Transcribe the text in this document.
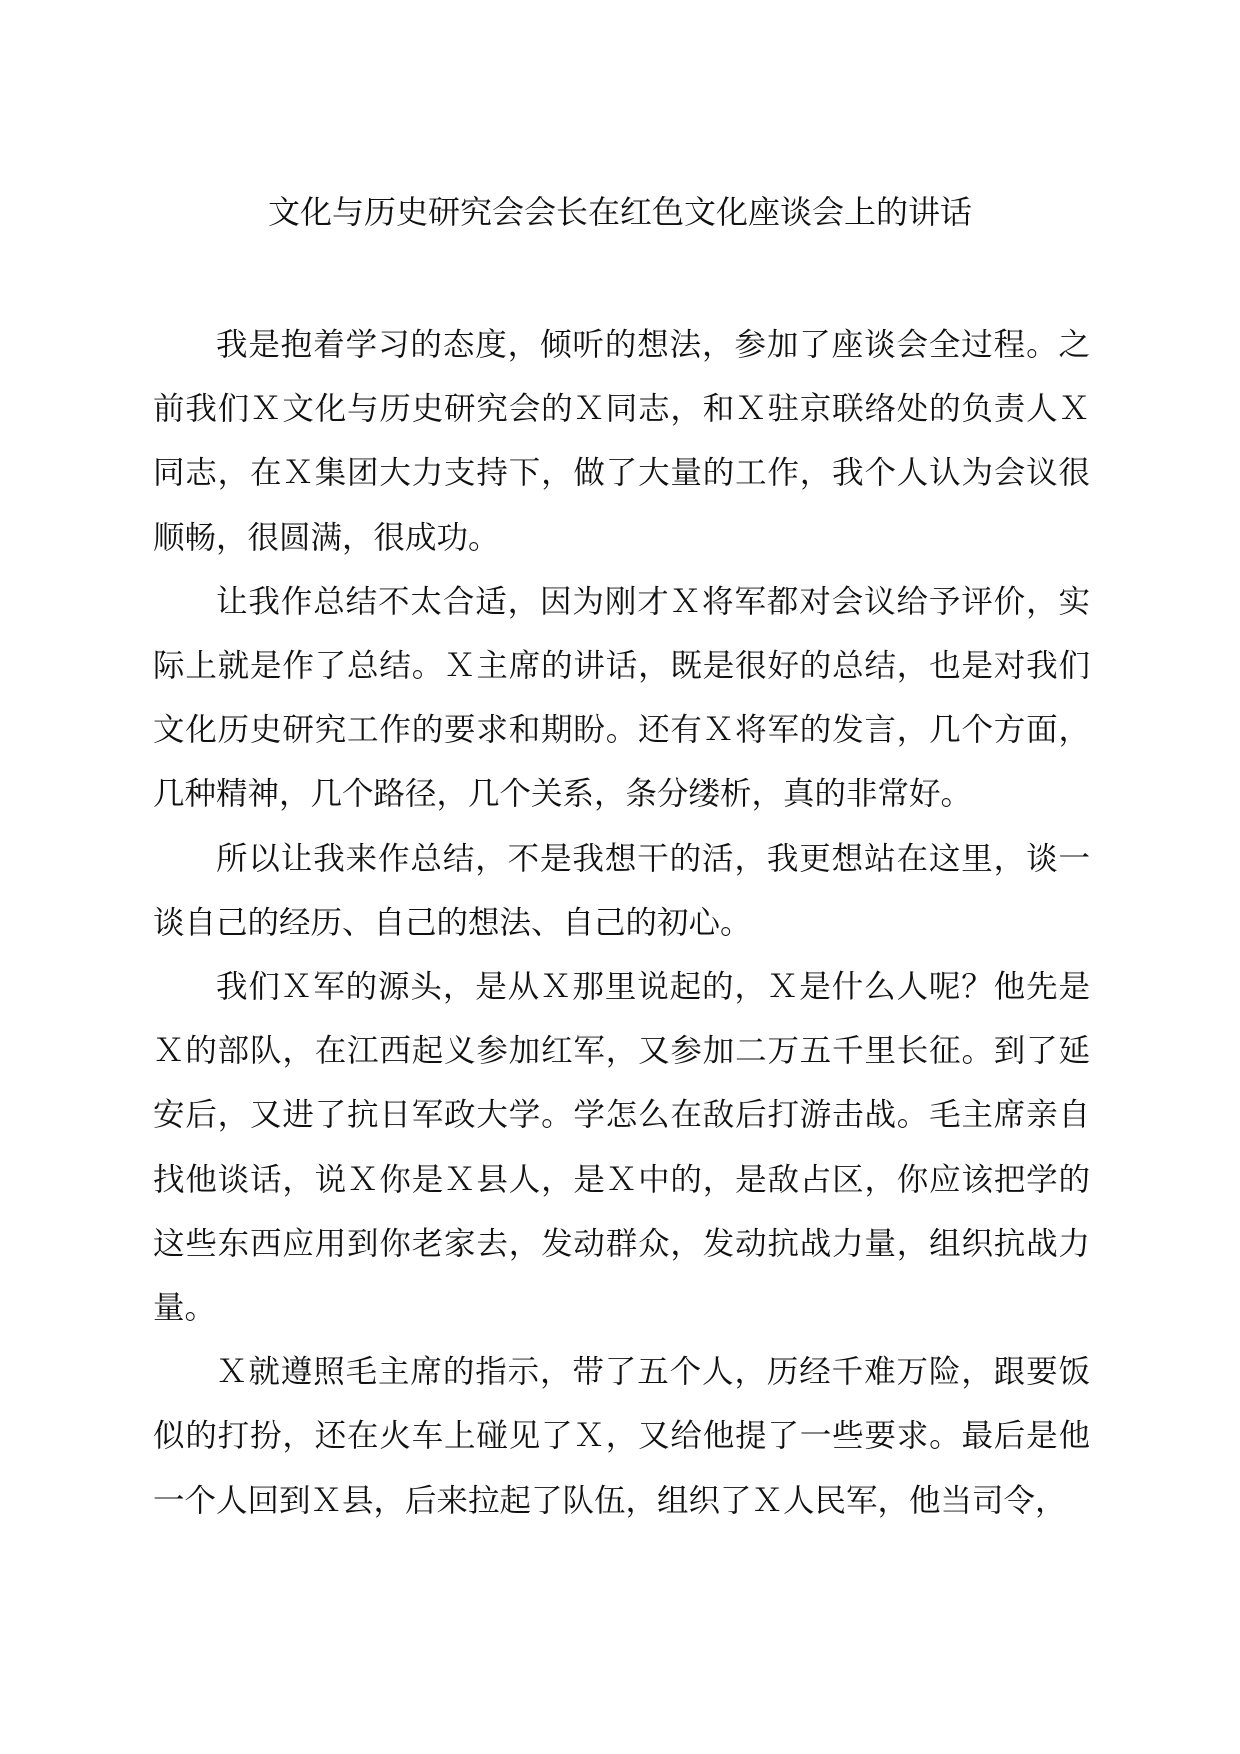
文化与历史研究会会长在红色文化座谈会上的讲话

我是抱着学习的态度，倾听的想法，参加了座谈会全过程。之前我们Ｘ文化与历史研究会的Ｘ同志，和Ｘ驻京联络处的负责人Ｘ同志，在Ｘ集团大力支持下，做了大量的工作，我个人认为会议很顺畅，很圆满，很成功。

让我作总结不太合适，因为刚才Ｘ将军都对会议给予评价，实际上就是作了总结。Ｘ主席的讲话，既是很好的总结，也是对我们文化历史研究工作的要求和期盼。还有Ｘ将军的发言，几个方面，几种精神，几个路径，几个关系，条分缕析，真的非常好。

所以让我来作总结，不是我想干的活，我更想站在这里，谈一谈自己的经历、自己的想法、自己的初心。

我们Ｘ军的源头，是从Ｘ那里说起的，Ｘ是什么人呢？他先是Ｘ的部队，在江西起义参加红军，又参加二万五千里长征。到了延安后，又进了抗日军政大学。学怎么在敌后打游击战。毛主席亲自找他谈话，说Ｘ你是Ｘ县人，是Ｘ中的，是敌占区，你应该把学的这些东西应用到你老家去，发动群众，发动抗战力量，组织抗战力量。

Ｘ就遵照毛主席的指示，带了五个人，历经千难万险，跟要饭似的打扮，还在火车上碰见了Ｘ，又给他提了一些要求。最后是他一个人回到Ｘ县，后来拉起了队伍，组织了Ｘ人民军，他当司令，
